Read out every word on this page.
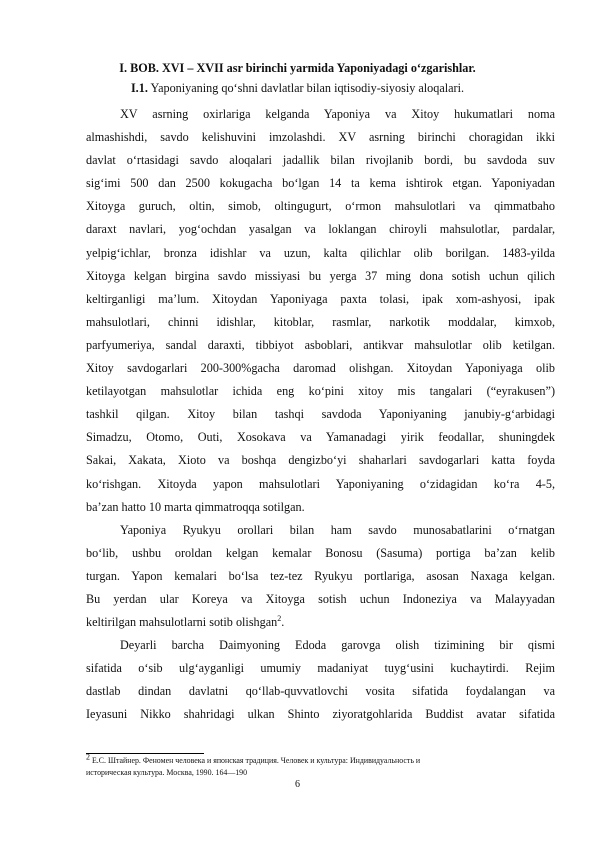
I. BOB. XVI – XVII asr birinchi yarmida Yaponiyadagi o‘zgarishlar.
I.1. Yaponiyaning qo‘shni davlatlar bilan iqtisodiy-siyosiy aloqalari.
XV asrning oxirlariga kelganda Yaponiya va Xitoy hukumatlari noma
almashishdi, savdo kelishuvini imzolashdi. XV asrning birinchi choragidan ikki
davlat o‘rtasidagi savdo aloqalari jadallik bilan rivojlanib bordi, bu savdoda suv
sig‘imi 500 dan 2500 kokugacha bo‘lgan 14 ta kema ishtirok etgan. Yaponiyadan
Xitoyga guruch, oltin, simob, oltingugurt, o‘rmon mahsulotlari va qimmatbaho
daraxt navlari, yog‘ochdan yasalgan va loklangan chiroyli mahsulotlar, pardalar,
yelpig‘ichlar, bronza idishlar va uzun, kalta qilichlar olib borilgan. 1483-yilda
Xitoyga kelgan birgina savdo missiyasi bu yerga 37 ming dona sotish uchun qilich
keltirganligi ma’lum. Xitoydan Yaponiyaga paxta tolasi, ipak xom-ashyosi, ipak
mahsulotlari, chinni idishlar, kitoblar, rasmlar, narkotik moddalar, kimxob,
parfyumeriya, sandal daraxti, tibbiyot asboblari, antikvar mahsulotlar olib ketilgan.
Xitoy savdogarlari 200-300%gacha daromad olishgan. Xitoydan Yaponiyaga olib
ketilayotgan mahsulotlar ichida eng ko‘pini xitoy mis tangalari (“eyrakusen”)
tashkil qilgan. Xitoy bilan tashqi savdoda Yaponiyaning janubiy-g‘arbidagi
Simadzu, Otomo, Outi, Xosokava va Yamanadagi yirik feodallar, shuningdek
Sakai, Xakata, Xioto va boshqa dengizbo‘yi shaharlari savdogarlari katta foyda
ko‘rishgan. Xitoyda yapon mahsulotlari Yaponiyaning o‘zidagidan ko‘ra 4-5,
ba’zan hatto 10 marta qimmatroqqa sotilgan.
Yaponiya Ryukyu orollari bilan ham savdo munosabatlarini o‘rnatgan
bo‘lib, ushbu oroldan kelgan kemalar Bonosu (Sasuma) portiga ba’zan kelib
turgan. Yapon kemalari bo‘lsa tez-tez Ryukyu portlariga, asosan Naxaga kelgan.
Bu yerdan ular Koreya va Xitoyga sotish uchun Indoneziya va Malayyadan
keltirilgan mahsulotlarni sotib olishgan$^2$.
Deyarli barcha Daimyoning Edoda garovga olish tizimining bir qismi
sifatida o‘sib ulg‘ayganligi umumiy madaniyat tuyg‘usini kuchaytirdi. Rejim
dastlab dindan davlatni qo‘llab-quvvatlovchi vosita sifatida foydalangan va
Ieyasuni Nikko shahridagi ulkan Shinto ziyoratgohlarida Buddist avatar sifatida
$^2$ Е.С. Штайнер. Феномен человека и японская традиция. Человек и культура: Индивидуальность и
историческая культура. Москва, 1990. 164—190
6
